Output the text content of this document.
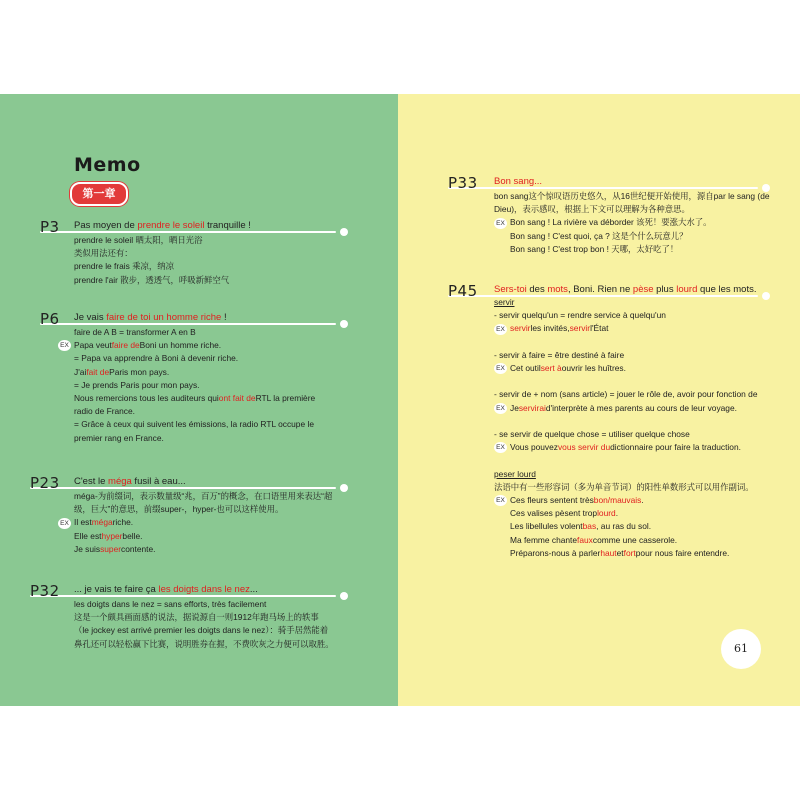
Memo
第一章
P3 Pas moyen de prendre le soleil tranquille !
prendre le soleil 晒太阳，晒日光浴
类似用法还有：
prendre le frais 乘凉，纳凉
prendre l'air 散步，透透气，呼吸新鲜空气
P6 Je vais faire de toi un homme riche !
faire de A B = transformer A en B
EX Papa veut faire de Boni un homme riche.
= Papa va apprendre à Boni à devenir riche.
J'ai fait de Paris mon pays.
= Je prends Paris pour mon pays.
Nous remercions tous les auditeurs qui ont fait de RTL la première
radio de France.
= Grâce à ceux qui suivent les émissions, la radio RTL occupe le
premier rang en France.
P23 C'est le méga fusil à eau...
méga-为前缀词，表示数量级“兆，百万”的概念，在口语里用来表达“超
级，巨大”的意思，前缀super-，hyper-也可以这样使用。
EX Il est méga riche.
Elle est hyper belle.
Je suis super contente.
P32 ... je vais te faire ça les doigts dans le nez...
les doigts dans le nez = sans efforts, très facilement
这是一个颇具画面感的说法，据说源自一则1912年跑马场上的轶事
（le jockey est arrivé premier les doigts dans le nez）：骑手居然能着
鼻孔还可以轻松赢下比赛，说明胜券在握，不费吹灰之力便可以取胜。
P33 Bon sang...
bon sang这个惊叹语历史悠久，从16世纪便开始使用，源自par le sang (de
Dieu)，表示感叹，根据上下文可以理解为各种意思。
EX Bon sang ! La rivière va déborder 该死！要涨大水了。
Bon sang ! C'est quoi, ça ? 这是个什么玩意儿？
Bon sang ! C'est trop bon ! 天哪，太好吃了！
P45 Sers-toi des mots, Boni. Rien ne pèse plus lourd que les mots.
servir
- servir quelqu'un = rendre service à quelqu'un
EX servir les invités, servir l'État

- servir à faire = être destiné à faire
EX Cet outil sert à ouvrir les huîtres.

- servir de + nom (sans article) = jouer le rôle de, avoir pour fonction de
EX Je servirai d'interprète à mes parents au cours de leur voyage.

- se servir de quelque chose = utiliser quelque chose
EX Vous pouvez vous servir du dictionnaire pour faire la traduction.

peser lourd
法语中有一些形容词（多为单音节词）的阳性单数形式可以用作副词。
EX Ces fleurs sentent très bon/mauvais .
Ces valises pèsent trop lourd .
Les libellules volent bas , au ras du sol.
Ma femme chante faux comme une casserole.
Préparons-nous à parler haut et fort pour nous faire entendre.
61
